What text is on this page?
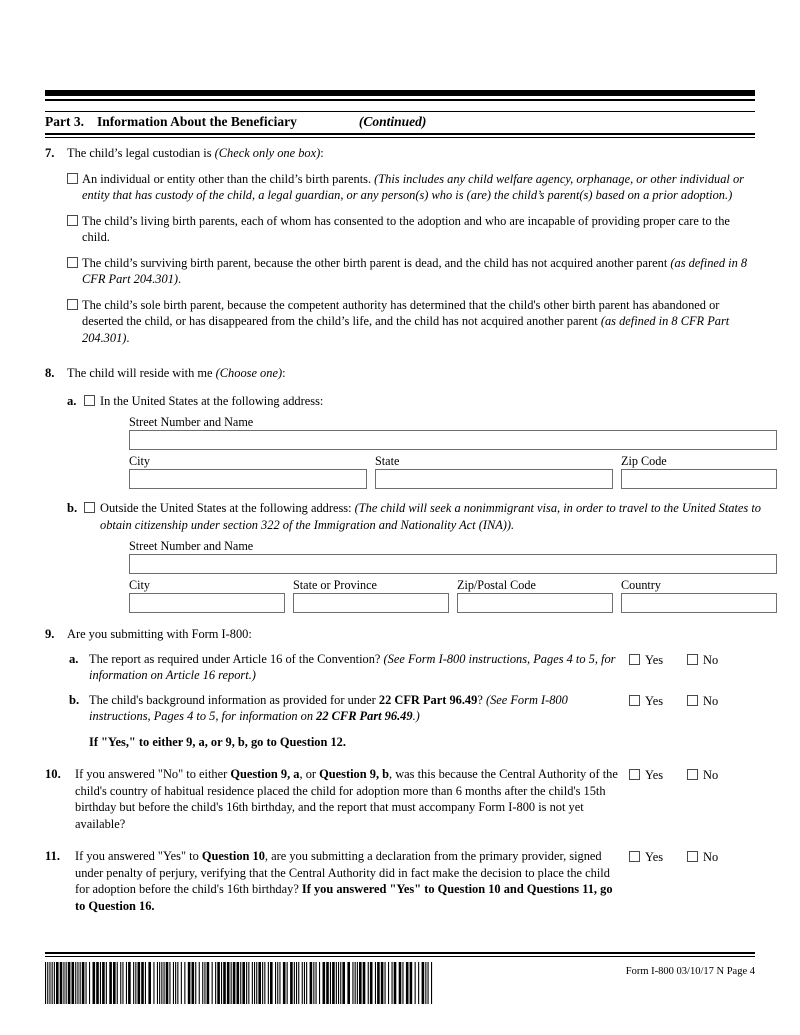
Part 3. Information About the Beneficiary	(Continued)
7.	The child’s legal custodian is (Check only one box):
An individual or entity other than the child’s birth parents. (This includes any child welfare agency, orphanage, or other individual or entity that has custody of the child, a legal guardian, or any person(s) who is (are) the child’s parent(s) based on a prior adoption.)
The child’s living birth parents, each of whom has consented to the adoption and who are incapable of providing proper care to the child.
The child’s surviving birth parent, because the other birth parent is dead, and the child has not acquired another parent (as defined in 8 CFR Part 204.301).
The child’s sole birth parent, because the competent authority has determined that the child's other birth parent has abandoned or deserted the child, or has disappeared from the child’s life, and the child has not acquired another parent (as defined in 8 CFR Part 204.301).
8.	The child will reside with me (Choose one):
a.	In the United States at the following address:
Street Number and Name
City	State	Zip Code
b.	Outside the United States at the following address: (The child will seek a nonimmigrant visa, in order to travel to the United States to obtain citizenship under section 322 of the Immigration and Nationality Act (INA)).
Street Number and Name
City	State or Province	Zip/Postal Code	Country
9.	Are you submitting with Form I-800:
a. The report as required under Article 16 of the Convention? (See Form I-800 instructions, Pages 4 to 5, for information on Article 16 report.)
Yes	No
b. The child's background information as provided for under 22 CFR Part 96.49? (See Form I-800 instructions, Pages 4 to 5, for information on 22 CFR Part 96.49.)
Yes	No
If "Yes," to either 9, a, or 9, b, go to Question 12.
10.	If you answered "No" to either Question 9, a, or Question 9, b, was this because the Central Authority of the child's country of habitual residence placed the child for adoption more than 6 months after the child's 15th birthday but before the child's 16th birthday, and the report that must accompany Form I-800 is not yet available?
Yes	No
11.	If you answered "Yes" to Question 10, are you submitting a declaration from the primary provider, signed under penalty of perjury, verifying that the Central Authority did in fact make the decision to place the child for adoption before the child's 16th birthday? If you answered "Yes" to Question 10 and Questions 11, go to Question 16.
Yes	No
Form I-800 03/10/17 N Page 4
